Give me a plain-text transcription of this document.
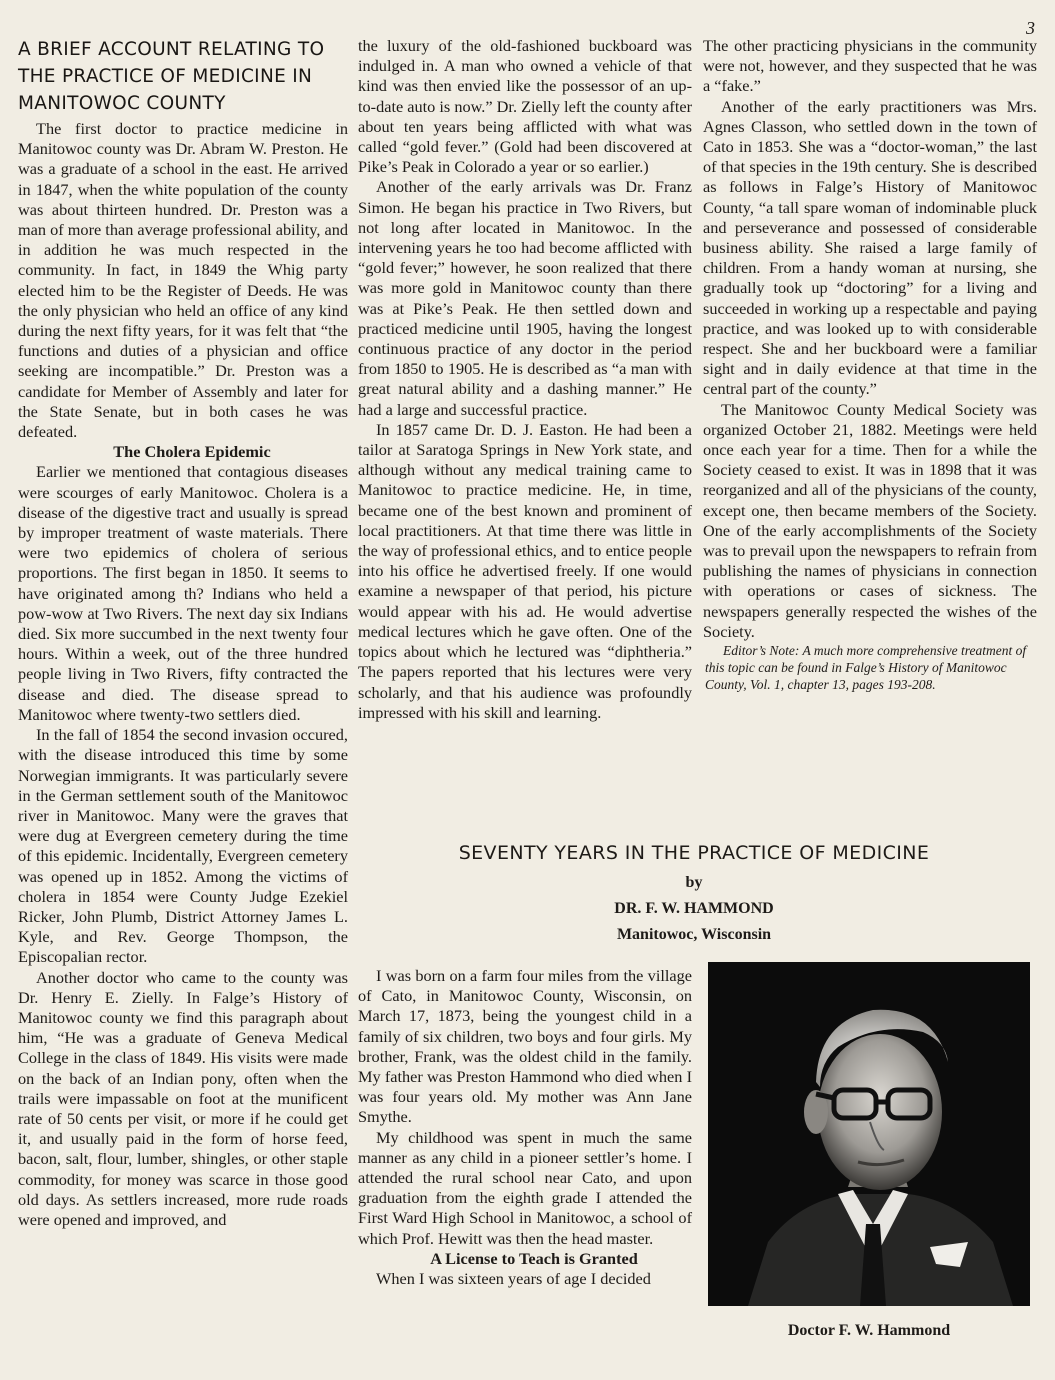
3
A BRIEF ACCOUNT RELATING TO
THE PRACTICE OF MEDICINE IN
MANITOWOC COUNTY

The first doctor to practice medicine in Manitowoc county was Dr. Abram W. Preston. He was a graduate of a school in the east. He arrived in 1847, when the white population of the county was about thirteen hundred. Dr. Preston was a man of more than average professional ability, and in addition he was much respected in the community. In fact, in 1849 the Whig party elected him to be the Register of Deeds. He was the only physician who held an office of any kind during the next fifty years, for it was felt that “the functions and duties of a physician and office seeking are incompatible.” Dr. Preston was a candidate for Member of Assembly and later for the State Senate, but in both cases he was defeated.

The Cholera Epidemic

Earlier we mentioned that contagious diseases were scourges of early Manitowoc. Cholera is a disease of the digestive tract and usually is spread by improper treatment of waste materials. There were two epidemics of cholera of serious proportions. The first began in 1850. It seems to have originated among th? Indians who held a pow-wow at Two Rivers. The next day six Indians died. Six more succumbed in the next twenty four hours. Within a week, out of the three hundred people living in Two Rivers, fifty contracted the disease and died. The disease spread to Manitowoc where twenty-two settlers died.

In the fall of 1854 the second invasion occured, with the disease introduced this time by some Norwegian immigrants. It was particularly severe in the German settlement south of the Manitowoc river in Manitowoc. Many were the graves that were dug at Evergreen cemetery during the time of this epidemic. Incidentally, Evergreen cemetery was opened up in 1852. Among the victims of cholera in 1854 were County Judge Ezekiel Ricker, John Plumb, District Attorney James L. Kyle, and Rev. George Thompson, the Episcopalian rector.

Another doctor who came to the county was Dr. Henry E. Zielly. In Falge’s History of Manitowoc county we find this paragraph about him, “He was a graduate of Geneva Medical College in the class of 1849. His visits were made on the back of an Indian pony, often when the trails were impassable on foot at the munificent rate of 50 cents per visit, or more if he could get it, and usually paid in the form of horse feed, bacon, salt, flour, lumber, shingles, or other staple commodity, for money was scarce in those good old days. As settlers increased, more rude roads were opened and improved, and

the luxury of the old-fashioned buckboard was indulged in. A man who owned a vehicle of that kind was then envied like the possessor of an up-to-date auto is now.” Dr. Zielly left the county after about ten years being afflicted with what was called “gold fever.” (Gold had been discovered at Pike’s Peak in Colorado a year or so earlier.)

Another of the early arrivals was Dr. Franz Simon. He began his practice in Two Rivers, but not long after located in Manitowoc. In the intervening years he too had become afflicted with “gold fever;” however, he soon realized that there was more gold in Manitowoc county than there was at Pike’s Peak. He then settled down and practiced medicine until 1905, having the longest continuous practice of any doctor in the period from 1850 to 1905. He is described as “a man with great natural ability and a dashing manner.” He had a large and successful practice.

In 1857 came Dr. D. J. Easton. He had been a tailor at Saratoga Springs in New York state, and although without any medical training came to Manitowoc to practice medicine. He, in time, became one of the best known and prominent of local practitioners. At that time there was little in the way of professional ethics, and to entice people into his office he advertised freely. If one would examine a newspaper of that period, his picture would appear with his ad. He would advertise medical lectures which he gave often. One of the topics about which he lectured was “diphtheria.” The papers reported that his lectures were very scholarly, and that his audience was profoundly impressed with his skill and learning.

The other practicing physicians in the community were not, however, and they suspected that he was a “fake.”

Another of the early practitioners was Mrs. Agnes Classon, who settled down in the town of Cato in 1853. She was a “doctor-woman,” the last of that species in the 19th century. She is described as follows in Falge’s History of Manitowoc County, “a tall spare woman of indominable pluck and perseverance and possessed of considerable business ability. She raised a large family of children. From a handy woman at nursing, she gradually took up “doctoring” for a living and succeeded in working up a respectable and paying practice, and was looked up to with considerable respect. She and her buckboard were a familiar sight and in daily evidence at that time in the central part of the county.”

The Manitowoc County Medical Society was organized October 21, 1882. Meetings were held once each year for a time. Then for a while the Society ceased to exist. It was in 1898 that it was reorganized and all of the physicians of the county, except one, then became members of the Society. One of the early accomplishments of the Society was to prevail upon the newspapers to refrain from publishing the names of physicians in connection with operations or cases of sickness. The newspapers generally respected the wishes of the Society.

Editor’s Note: A much more comprehensive treatment of this topic can be found in Falge’s History of Manitowoc County, Vol. 1, chapter 13, pages 193-208.

SEVENTY YEARS IN THE PRACTICE OF MEDICINE
by
DR. F. W. HAMMOND
Manitowoc, Wisconsin

I was born on a farm four miles from the village of Cato, in Manitowoc County, Wisconsin, on March 17, 1873, being the youngest child in a family of six children, two boys and four girls. My brother, Frank, was the oldest child in the family. My father was Preston Hammond who died when I was four years old. My mother was Ann Jane Smythe.

My childhood was spent in much the same manner as any child in a pioneer settler’s home. I attended the rural school near Cato, and upon graduation from the eighth grade I attended the First Ward High School in Manitowoc, a school of which Prof. Hewitt was then the head master.

A License to Teach is Granted

When I was sixteen years of age I decided

Doctor F. W. Hammond
